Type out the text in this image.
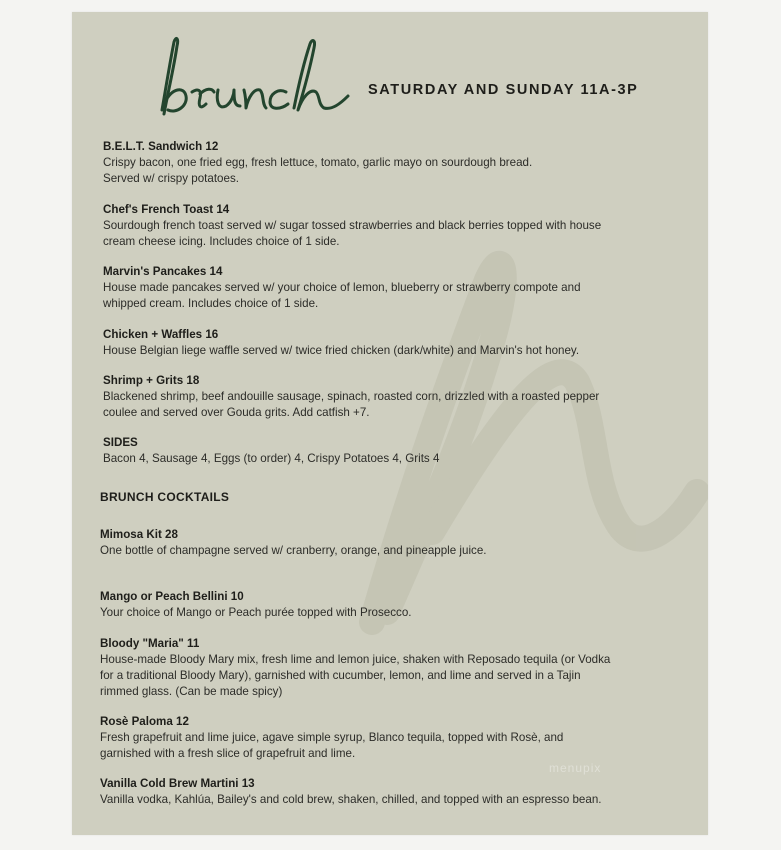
SATURDAY AND SUNDAY 11A-3P
B.E.L.T. Sandwich 12
Crispy bacon, one fried egg, fresh lettuce, tomato, garlic mayo on sourdough bread.
Served w/ crispy potatoes.
Chef's French Toast 14
Sourdough french toast served w/ sugar tossed strawberries and black berries topped with house
cream cheese icing. Includes choice of 1 side.
Marvin's Pancakes 14
House made pancakes served w/ your choice of lemon, blueberry or strawberry compote and
whipped cream. Includes choice of 1 side.
Chicken + Waffles 16
House Belgian liege waffle served w/ twice fried chicken (dark/white) and Marvin's hot honey.
Shrimp + Grits 18
Blackened shrimp, beef andouille sausage, spinach, roasted corn, drizzled with a roasted pepper
coulee and served over Gouda grits. Add catfish +7.
SIDES
Bacon 4, Sausage 4, Eggs (to order) 4, Crispy Potatoes 4, Grits 4
BRUNCH COCKTAILS
Mimosa Kit 28
One bottle of champagne served w/ cranberry, orange, and pineapple juice.
Mango or Peach Bellini 10
Your choice of Mango or Peach purée topped with Prosecco.
Bloody "Maria" 11
House-made Bloody Mary mix, fresh lime and lemon juice, shaken with Reposado tequila (or Vodka
for a traditional Bloody Mary), garnished with cucumber, lemon, and lime and served in a Tajin
rimmed glass. (Can be made spicy)
Rosè Paloma 12
Fresh grapefruit and lime juice, agave simple syrup, Blanco tequila, topped with Rosè, and
garnished with a fresh slice of grapefruit and lime.
Vanilla Cold Brew Martini 13
Vanilla vodka, Kahlúa, Bailey's and cold brew, shaken, chilled, and topped with an espresso bean.
menupix
